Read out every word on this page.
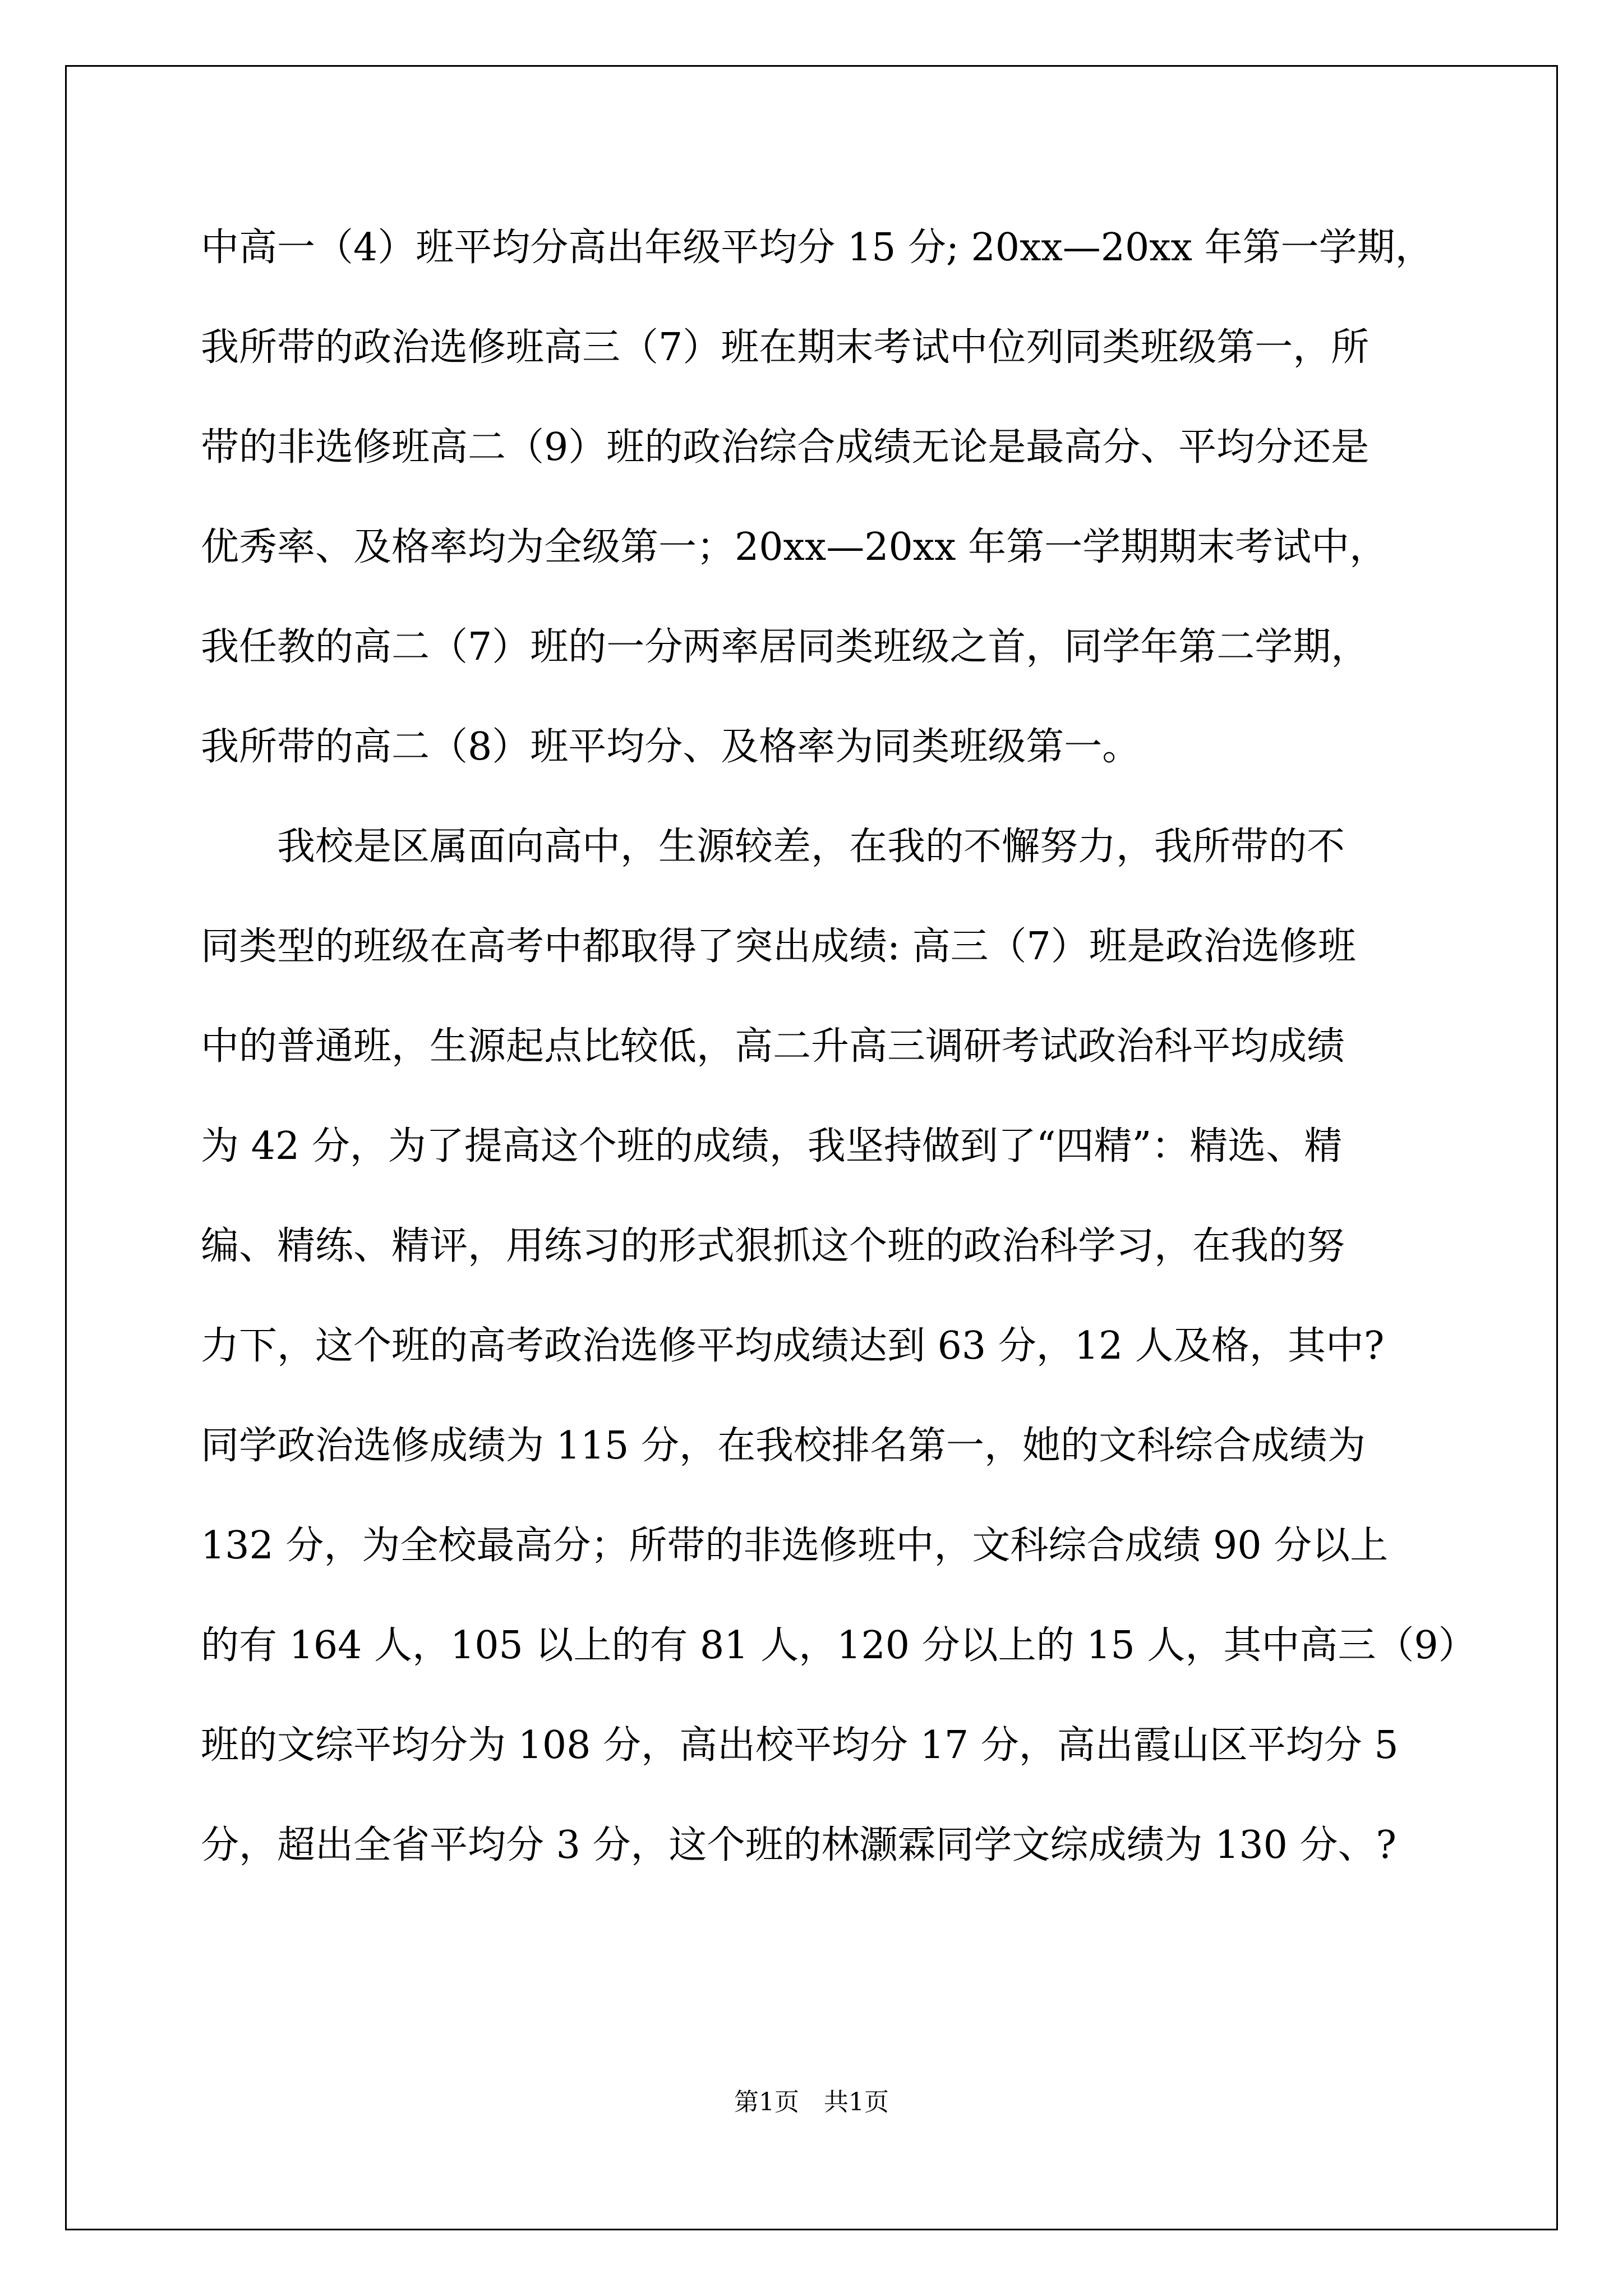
中高一（4）班平均分高出年级平均分 15 分; 20xx—20xx 年第一学期，
我所带的政治选修班高三（7）班在期末考试中位列同类班级第一，所
带的非选修班高二（9）班的政治综合成绩无论是最高分、平均分还是
优秀率、及格率均为全级第一；20xx—20xx 年第一学期期末考试中，
我任教的高二（7）班的一分两率居同类班级之首，同学年第二学期，
我所带的高二（8）班平均分、及格率为同类班级第一。
我校是区属面向高中，生源较差，在我的不懈努力，我所带的不
同类型的班级在高考中都取得了突出成绩: 高三（7）班是政治选修班
中的普通班，生源起点比较低，高二升高三调研考试政治科平均成绩
为 42 分，为了提高这个班的成绩，我坚持做到了“四精”：精选、精
编、精练、精评，用练习的形式狠抓这个班的政治科学习，在我的努
力下，这个班的高考政治选修平均成绩达到 63 分，12 人及格，其中?
同学政治选修成绩为 115 分，在我校排名第一，她的文科综合成绩为
132 分，为全校最高分；所带的非选修班中，文科综合成绩 90 分以上
的有 164 人，105 以上的有 81 人，120 分以上的 15 人，其中高三（9）
班的文综平均分为 108 分，高出校平均分 17 分，高出霞山区平均分 5
分，超出全省平均分 3 分，这个班的林灏霖同学文综成绩为 130 分、?
第1页　共1页
